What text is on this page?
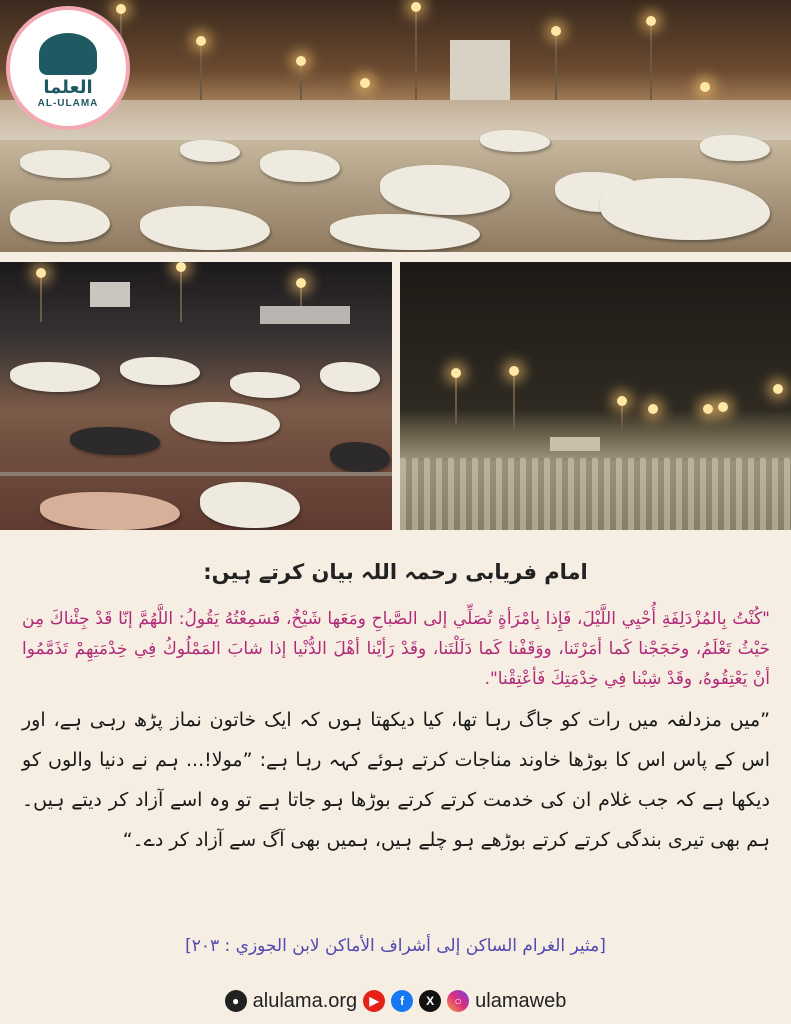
العلما
AL-ULAMA
امام فریابی رحمہ اللہ بیان کرتے ہیں:
"كُنْتُ بِالمُزْدَلِفَةِ أُحْيِي اللَّيْلَ، فَإِذا بِامْرَأةٍ تُصَلِّي إلى الصَّباحِ ومَعَها شَيْخٌ، فَسَمِعْتُهُ يَقُولُ: اللَّهُمَّ إنّا قَدْ جِئْناكَ مِن حَيْثُ تَعْلَمُ، وحَجَجْنا كَما أمَرْتَنا، ووَقَفْنا كَما دَلَلْتَنا، وقَدْ رَأيْنا أهْلَ الدُّنْيا إذا شابَ المَمْلُوكُ فِي خِدْمَتِهِمْ تَذَمَّمُوا أنْ يَعْتِقُوهُ، وقَدْ شِبْنا فِي خِدْمَتِكَ فَأعْتِقْنا".
”میں مزدلفہ میں رات کو جاگ رہا تھا، کیا دیکھتا ہوں کہ ایک خاتون نماز پڑھ رہی ہے، اور اس کے پاس اس کا بوڑھا خاوند مناجات کرتے ہوئے کہہ رہا ہے: ”مولا!... ہم نے دنیا والوں کو دیکھا ہے کہ جب غلام ان کی خدمت کرتے کرتے بوڑھا ہو جاتا ہے تو وہ اسے آزاد کر دیتے ہیں۔ ہم بھی تیری بندگی کرتے کرتے بوڑھے ہو چلے ہیں، ہمیں بھی آگ سے آزاد کر دے۔“
[مثير الغرام الساكن إلى أشراف الأماكن لابن الجوزي : ٢٠٣]
● alulama.org	▶	f	X	○ ulamaweb
